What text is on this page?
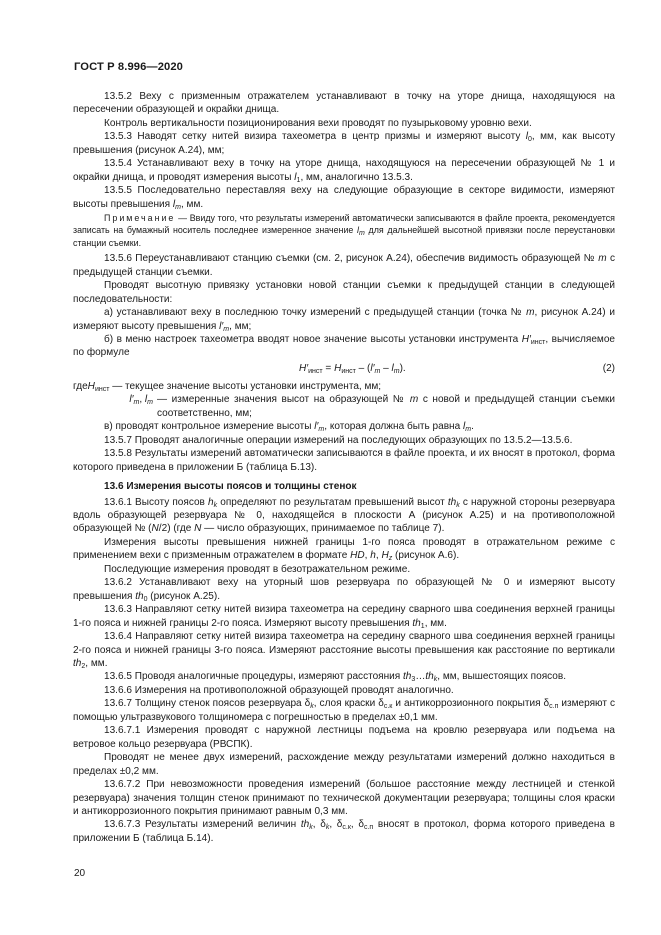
ГОСТ Р 8.996—2020

13.5.2 Веху с призменным отражателем устанавливают в точку на уторе днища, находящуюся на пересечении образующей и окрайки днища.

Контроль вертикальности позиционирования вехи проводят по пузырьковому уровню вехи.

13.5.3 Наводят сетку нитей визира тахеометра в центр призмы и измеряют высоту $l_0$, мм, как высоту превышения (рисунок А.24), мм;

13.5.4 Устанавливают веху в точку на уторе днища, находящуюся на пересечении образующей № 1 и окрайки днища, и проводят измерения высоты $l_1$, мм, аналогично 13.5.3.

13.5.5 Последовательно переставляя веху на следующие образующие в секторе видимости, измеряют высоты превышения $l_m$, мм.

Примечание — Ввиду того, что результаты измерений автоматически записываются в файле проекта, рекомендуется записать на бумажный носитель последнее измеренное значение $l_m$ для дальнейшей высотной привязки после переустановки станции съемки.

13.5.6 Переустанавливают станцию съемки (см. 2, рисунок А.24), обеспечив видимость образующей № m с предыдущей станции съемки.

Проводят высотную привязку установки новой станции съемки к предыдущей станции в следующей последовательности:

а) устанавливают веху в последнюю точку измерений с предыдущей станции (точка № m, рисунок А.24) и измеряют высоту превышения $l'_m$, мм;

б) в меню настроек тахеометра вводят новое значение высоты установки инструмента $H'_{инст}$, вычисляемое по формуле

$H'_{инст} = H_{инст} - (l'_m - l_m)$.	(2)
где $H_{инст}$ — текущее значение высоты установки инструмента, мм;
$l'_m$, $l_m$ — измеренные значения высот на образующей № m с новой и предыдущей станции съемки соответственно, мм;

в) проводят контрольное измерение высоты $l'_m$, которая должна быть равна $l_m$.

13.5.7 Проводят аналогичные операции измерений на последующих образующих по 13.5.2—13.5.6.

13.5.8 Результаты измерений автоматически записываются в файле проекта, и их вносят в протокол, форма которого приведена в приложении Б (таблица Б.13).

13.6 Измерения высоты поясов и толщины стенок

13.6.1 Высоту поясов $h_k$ определяют по результатам превышений высот $th_k$ с наружной стороны резервуара вдоль образующей резервуара № 0, находящейся в плоскости А (рисунок А.25) и на противоположной образующей № (N/2) (где N — число образующих, принимаемое по таблице 7).

Измерения высоты превышения нижней границы 1-го пояса проводят в отражательном режиме с применением вехи с призменным отражателем в формате HD, h, $H_z$ (рисунок А.6).

Последующие измерения проводят в безотражательном режиме.

13.6.2 Устанавливают веху на уторный шов резервуара по образующей № 0 и измеряют высоту превышения $th_0$ (рисунок А.25).

13.6.3 Направляют сетку нитей визира тахеометра на середину сварного шва соединения верхней границы 1-го пояса и нижней границы 2-го пояса. Измеряют высоту превышения $th_1$, мм.

13.6.4 Направляют сетку нитей визира тахеометра на середину сварного шва соединения верхней границы 2-го пояса и нижней границы 3-го пояса. Измеряют расстояние высоты превышения как расстояние по вертикали $th_2$, мм.

13.6.5 Проводя аналогичные процедуры, измеряют расстояния $th_3\dots th_k$, мм, вышестоящих поясов.

13.6.6 Измерения на противоположной образующей проводят аналогично.

13.6.7 Толщину стенок поясов резервуара $\delta_k$, слоя краски $\delta_{с.к}$ и антикоррозионного покрытия $\delta_{с.п}$ измеряют с помощью ультразвукового толщиномера с погрешностью в пределах ±0,1 мм.

13.6.7.1 Измерения проводят с наружной лестницы подъема на кровлю резервуара или подъема на ветровое кольцо резервуара (РВСПК).

Проводят не менее двух измерений, расхождение между результатами измерений должно находиться в пределах ±0,2 мм.

13.6.7.2 При невозможности проведения измерений (большое расстояние между лестницей и стенкой резервуара) значения толщин стенок принимают по технической документации резервуара; толщины слоя краски и антикоррозионного покрытия принимают равным 0,3 мм.

13.6.7.3 Результаты измерений величин $th_k$, $\delta_k$, $\delta_{с.к}$, $\delta_{с.п}$ вносят в протокол, форма которого приведена в приложении Б (таблица Б.14).

20
